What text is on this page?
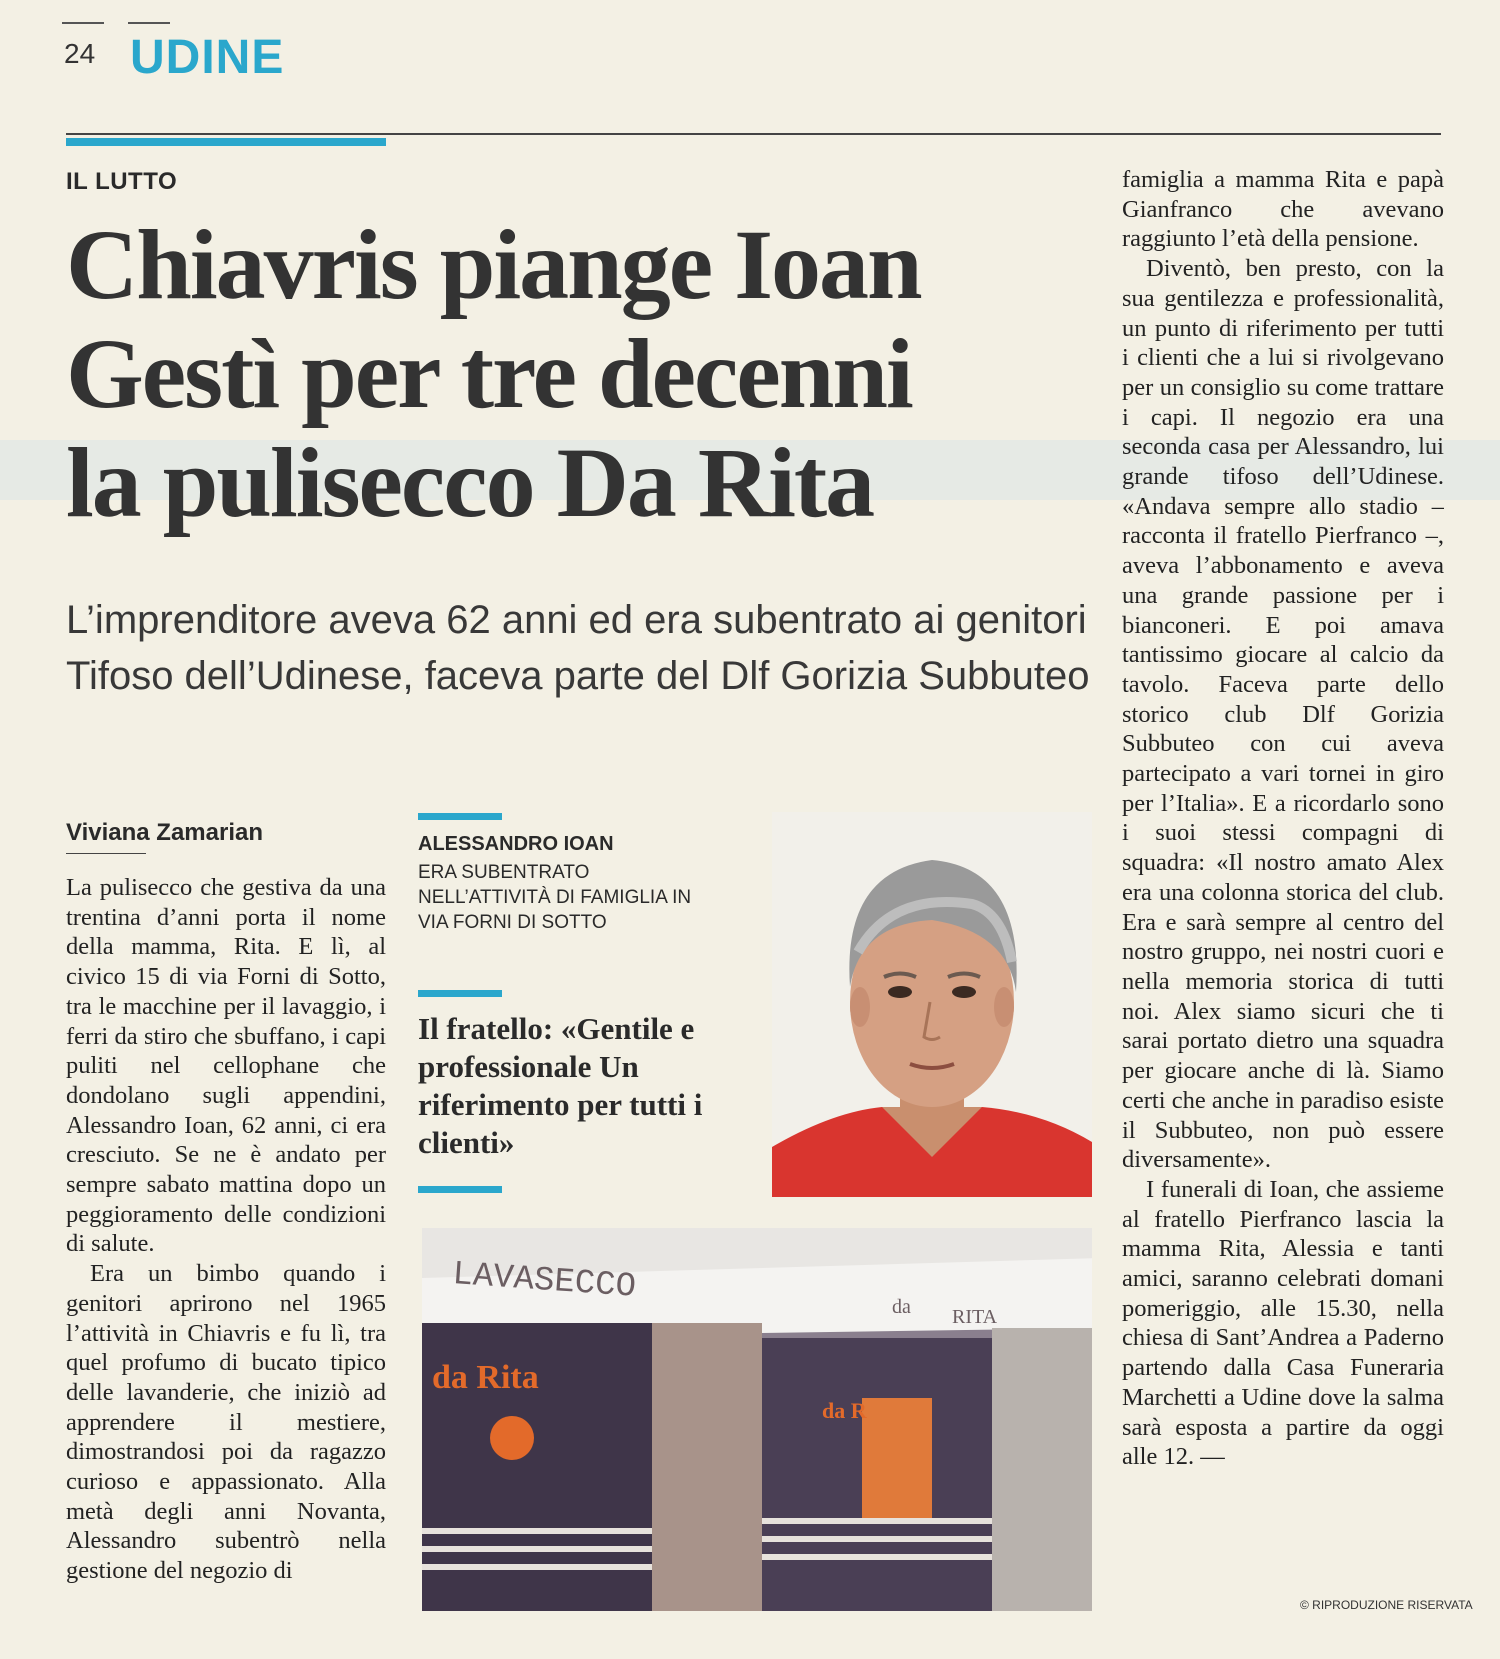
24 UDINE
IL LUTTO
Chiavris piange Ioan
Gestì per tre decenni
la pulisecco Da Rita
L’imprenditore aveva 62 anni ed era subentrato ai genitori
Tifoso dell’Udinese, faceva parte del Dlf Gorizia Subbuteo
Viviana Zamarian

La pulisecco che gestiva da una trentina d’anni porta il nome della mamma, Rita. E lì, al civico 15 di via Forni di Sotto, tra le macchine per il lavaggio, i ferri da stiro che sbuffano, i capi puliti nel cellophane che dondolano sugli appendini, Alessandro Ioan, 62 anni, ci era cresciuto. Se ne è andato per sempre sabato mattina dopo un peggioramento delle condizioni di salute.

Era un bimbo quando i genitori aprirono nel 1965 l’attività in Chiavris e fu lì, tra quel profumo di bucato tipico delle lavanderie, che iniziò ad apprendere il mestiere, dimostrandosi poi da ragazzo curioso e appassionato. Alla metà degli anni Novanta, Alessandro subentrò nella gestione del negozio di

ALESSANDRO IOAN
ERA SUBENTRATO NELL’ATTIVITÀ DI FAMIGLIA IN VIA FORNI DI SOTTO
Il fratello: «Gentile e professionale Un riferimento per tutti i clienti»
LAVASECCO
da RITA
da Rita
da R

famiglia a mamma Rita e papà Gianfranco che avevano raggiunto l’età della pensione.

Diventò, ben presto, con la sua gentilezza e professionalità, un punto di riferimento per tutti i clienti che a lui si rivolgevano per un consiglio su come trattare i capi. Il negozio era una seconda casa per Alessandro, lui grande tifoso dell’Udinese. «Andava sempre allo stadio – racconta il fratello Pierfranco –, aveva l’abbonamento e aveva una grande passione per i bianconeri. E poi amava tantissimo giocare al calcio da tavolo. Faceva parte dello storico club Dlf Gorizia Subbuteo con cui aveva partecipato a vari tornei in giro per l’Italia». E a ricordarlo sono i suoi stessi compagni di squadra: «Il nostro amato Alex era una colonna storica del club. Era e sarà sempre al centro del nostro gruppo, nei nostri cuori e nella memoria storica di tutti noi. Alex siamo sicuri che ti sarai portato dietro una squadra per giocare anche di là. Siamo certi che anche in paradiso esiste il Subbuteo, non può essere diversamente».

I funerali di Ioan, che assieme al fratello Pierfranco lascia la mamma Rita, Alessia e tanti amici, saranno celebrati domani pomeriggio, alle 15.30, nella chiesa di Sant’Andrea a Paderno partendo dalla Casa Funeraria Marchetti a Udine dove la salma sarà esposta a partire da oggi alle 12. —

© RIPRODUZIONE RISERVATA
